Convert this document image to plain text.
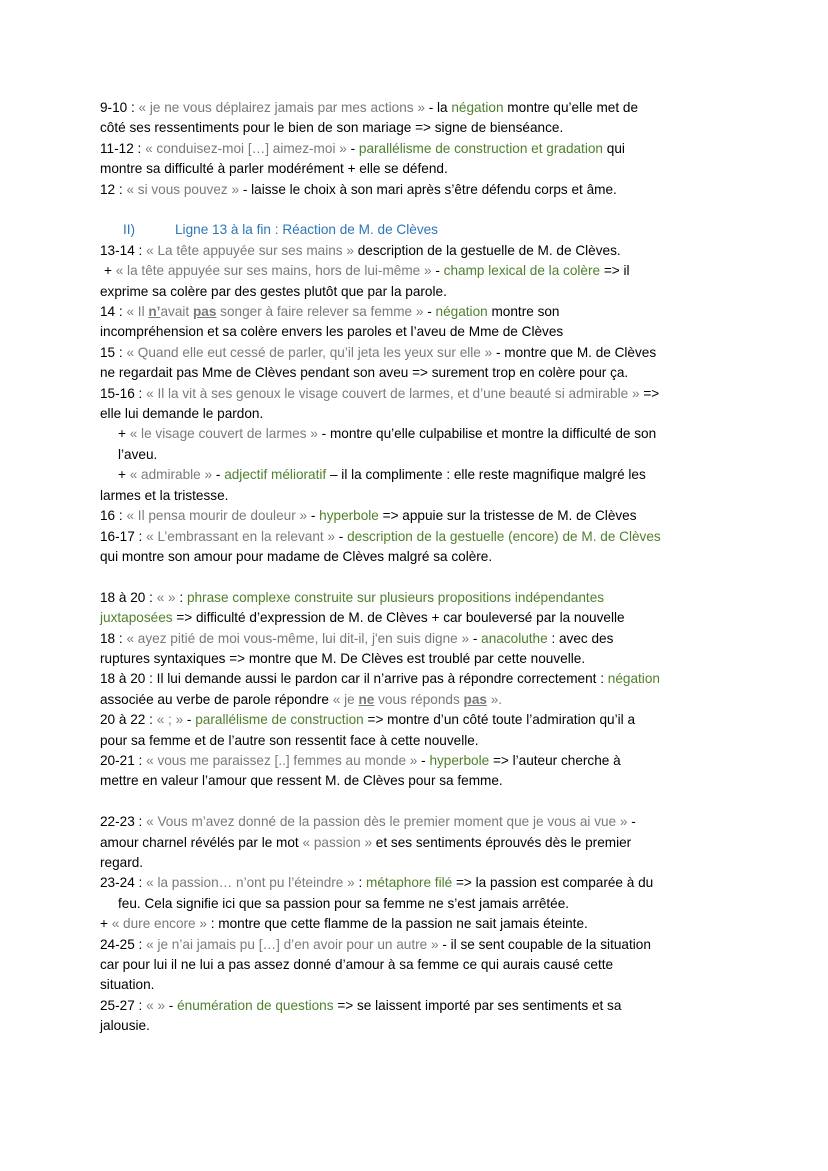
9-10 : « je ne vous déplairez jamais par mes actions » - la négation montre qu’elle met de
côté ses ressentiments pour le bien de son mariage => signe de bienséance.
11-12 : « conduisez-moi […] aimez-moi » - parallélisme de construction et gradation qui
montre sa difficulté à parler modérément + elle se défend.
12 : « si vous pouvez » - laisse le choix à son mari après s’être défendu corps et âme.
II)	Ligne 13 à la fin : Réaction de M. de Clèves
13-14 : « La tête appuyée sur ses mains » description de la gestuelle de M. de Clèves.
+ « la tête appuyée sur ses mains, hors de lui-même » - champ lexical de la colère => il
exprime sa colère par des gestes plutôt que par la parole.
14 : « Il n’avait pas songer à faire relever sa femme » - négation montre son
incompréhension et sa colère envers les paroles et l’aveu de Mme de Clèves
15 : « Quand elle eut cessé de parler, qu’il jeta les yeux sur elle » - montre que M. de Clèves
ne regardait pas Mme de Clèves pendant son aveu => surement trop en colère pour ça.
15-16 : « Il la vit à ses genoux le visage couvert de larmes, et d’une beauté si admirable » =>
elle lui demande le pardon.
+ « le visage couvert de larmes » - montre qu’elle culpabilise et montre la difficulté de son
l’aveu.
+ « admirable » - adjectif mélioratif – il la complimente : elle reste magnifique malgré les
larmes et la tristesse.
16 : « Il pensa mourir de douleur » - hyperbole => appuie sur la tristesse de M. de Clèves
16-17 : « L’embrassant en la relevant » - description de la gestuelle (encore) de M. de Clèves
qui montre son amour pour madame de Clèves malgré sa colère.
18 à 20 : « » : phrase complexe construite sur plusieurs propositions indépendantes
juxtaposées => difficulté d’expression de M. de Clèves + car bouleversé par la nouvelle
18 : « ayez pitié de moi vous-même, lui dit-il, j'en suis digne » - anacoluthe : avec des
ruptures syntaxiques => montre que M. De Clèves est troublé par cette nouvelle.
18 à 20 : Il lui demande aussi le pardon car il n’arrive pas à répondre correctement : négation
associée au verbe de parole répondre « je ne vous réponds pas ».
20 à 22 : « ; » - parallélisme de construction => montre d’un côté toute l’admiration qu’il a
pour sa femme et de l’autre son ressentit face à cette nouvelle.
20-21 : « vous me paraissez [..] femmes au monde » - hyperbole => l’auteur cherche à
mettre en valeur l’amour que ressent M. de Clèves pour sa femme.
22-23 : « Vous m’avez donné de la passion dès le premier moment que je vous ai vue » -
amour charnel révélés par le mot « passion » et ses sentiments éprouvés dès le premier
regard.
23-24 : « la passion… n’ont pu l’éteindre » : métaphore filé => la passion est comparée à du
feu. Cela signifie ici que sa passion pour sa femme ne s’est jamais arrêtée.
+ « dure encore » : montre que cette flamme de la passion ne sait jamais éteinte.
24-25 : « je n’ai jamais pu […] d’en avoir pour un autre » - il se sent coupable de la situation
car pour lui il ne lui a pas assez donné d’amour à sa femme ce qui aurais causé cette
situation.
25-27 : « » - énumération de questions => se laissent importé par ses sentiments et sa
jalousie.
